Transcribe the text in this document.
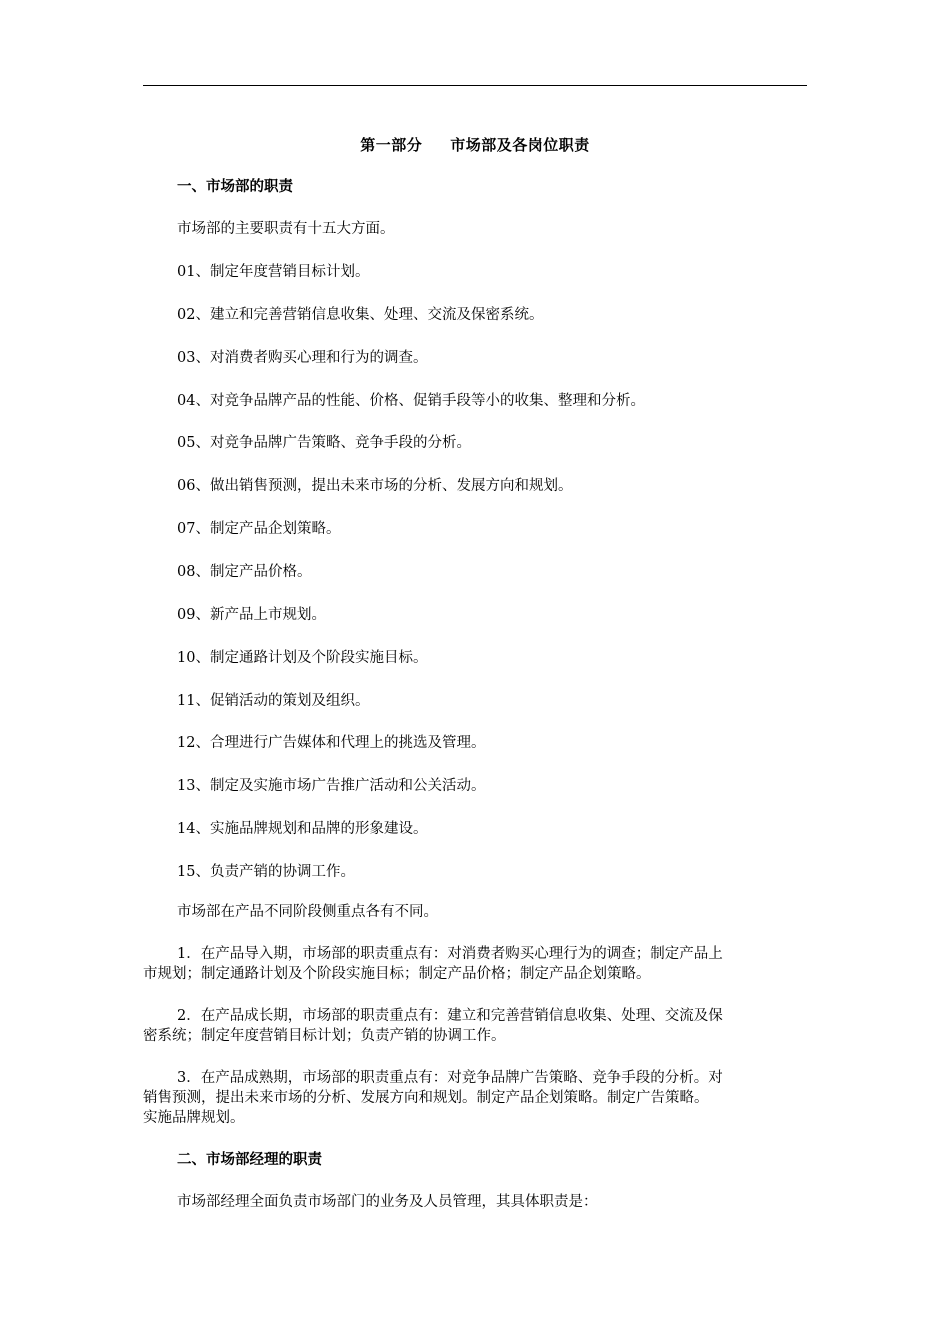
第一部分 市场部及各岗位职责
一、市场部的职责
市场部的主要职责有十五大方面。
01、制定年度营销目标计划。
02、建立和完善营销信息收集、处理、交流及保密系统。
03、对消费者购买心理和行为的调查。
04、对竞争品牌产品的性能、价格、促销手段等小的收集、整理和分析。
05、对竞争品牌广告策略、竞争手段的分析。
06、做出销售预测，提出未来市场的分析、发展方向和规划。
07、制定产品企划策略。
08、制定产品价格。
09、新产品上市规划。
10、制定通路计划及个阶段实施目标。
11、促销活动的策划及组织。
12、合理进行广告媒体和代理上的挑选及管理。
13、制定及实施市场广告推广活动和公关活动。
14、实施品牌规划和品牌的形象建设。
15、负责产销的协调工作。
市场部在产品不同阶段侧重点各有不同。
1．在产品导入期，市场部的职责重点有：对消费者购买心理行为的调查；制定产品上
市规划；制定通路计划及个阶段实施目标；制定产品价格；制定产品企划策略。
2．在产品成长期，市场部的职责重点有：建立和完善营销信息收集、处理、交流及保
密系统；制定年度营销目标计划；负责产销的协调工作。
3．在产品成熟期，市场部的职责重点有：对竞争品牌广告策略、竞争手段的分析。对
销售预测，提出未来市场的分析、发展方向和规划。制定产品企划策略。制定广告策略。
实施品牌规划。
二、市场部经理的职责
市场部经理全面负责市场部门的业务及人员管理，其具体职责是：
